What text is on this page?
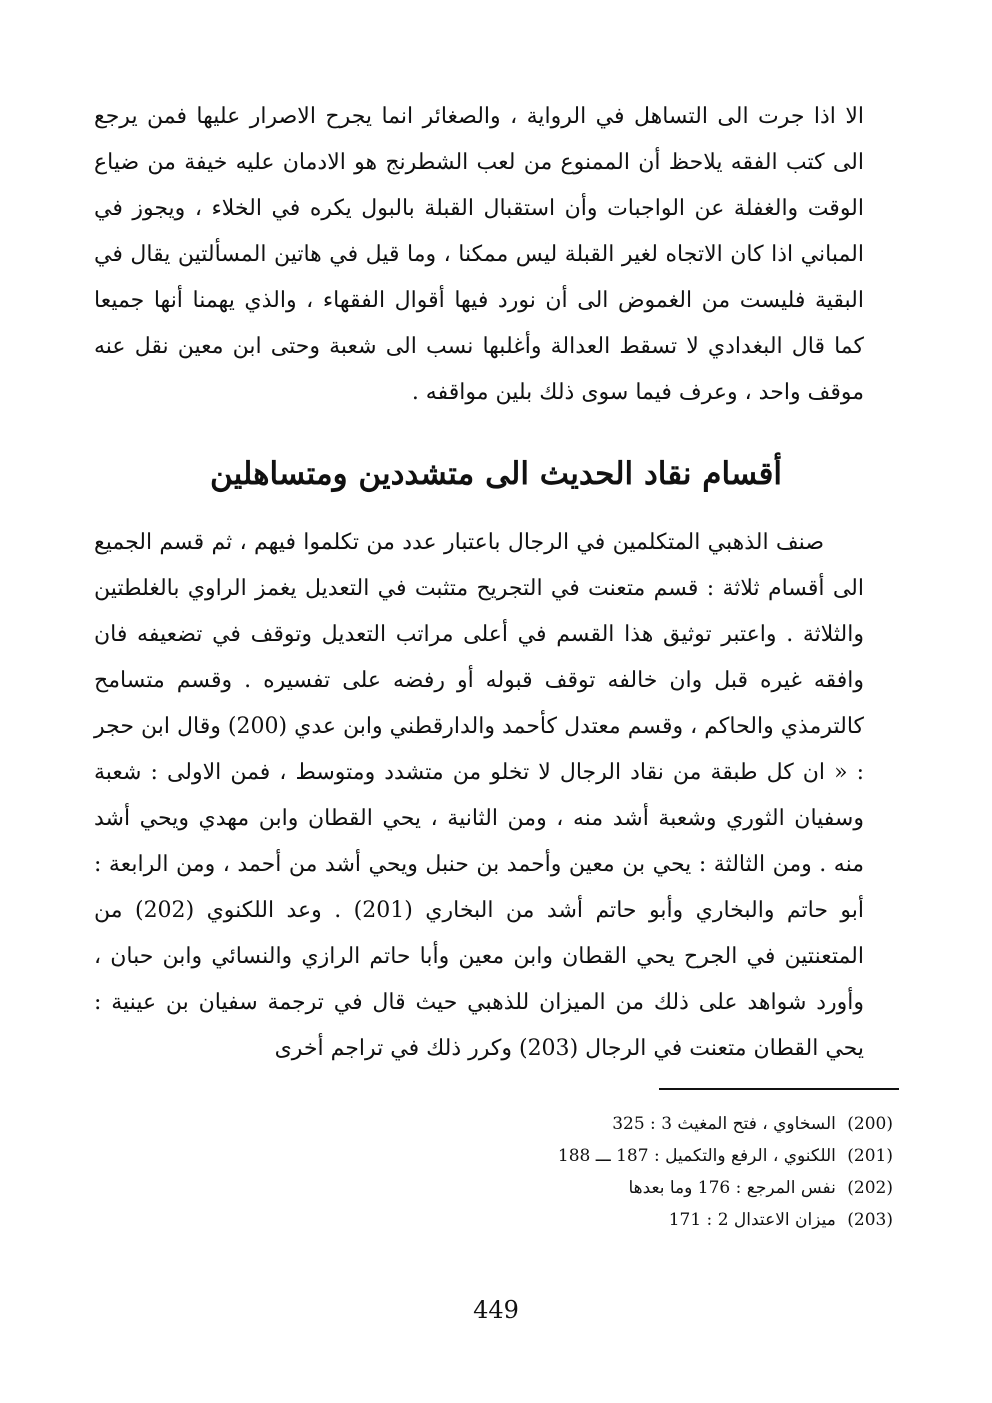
الا اذا جرت الى التساهل في الرواية ، والصغائر انما يجرح الاصرار عليها فمن يرجع الى كتب الفقه يلاحظ أن الممنوع من لعب الشطرنج هو الادمان عليه خيفة من ضياع الوقت والغفلة عن الواجبات وأن استقبال القبلة بالبول يكره في الخلاء ، ويجوز في المباني اذا كان الاتجاه لغير القبلة ليس ممكنا ، وما قيل في هاتين المسألتين يقال في البقية فليست من الغموض الى أن نورد فيها أقوال الفقهاء ، والذي يهمنا أنها جميعا كما قال البغدادي لا تسقط العدالة وأغلبها نسب الى شعبة وحتى ابن معين نقل عنه موقف واحد ، وعرف فيما سوى ذلك بلين مواقفه .

أقسام نقاد الحديث الى متشددين ومتساهلين

صنف الذهبي المتكلمين في الرجال باعتبار عدد من تكلموا فيهم ، ثم قسم الجميع الى أقسام ثلاثة : قسم متعنت في التجريح متثبت في التعديل يغمز الراوي بالغلطتين والثلاثة . واعتبر توثيق هذا القسم في أعلى مراتب التعديل وتوقف في تضعيفه فان وافقه غيره قبل وان خالفه توقف قبوله أو رفضه على تفسيره . وقسم متسامح كالترمذي والحاكم ، وقسم معتدل كأحمد والدارقطني وابن عدي (200) وقال ابن حجر : « ان كل طبقة من نقاد الرجال لا تخلو من متشدد ومتوسط ، فمن الاولى : شعبة وسفيان الثوري وشعبة أشد منه ، ومن الثانية ، يحي القطان وابن مهدي ويحي أشد منه . ومن الثالثة : يحي بن معين وأحمد بن حنبل ويحي أشد من أحمد ، ومن الرابعة : أبو حاتم والبخاري وأبو حاتم أشد من البخاري (201) . وعد اللكنوي (202) من المتعنتين في الجرح يحي القطان وابن معين وأبا حاتم الرازي والنسائي وابن حبان ، وأورد شواهد على ذلك من الميزان للذهبي حيث قال في ترجمة سفيان بن عينية : يحي القطان متعنت في الرجال (203) وكرر ذلك في تراجم أخرى

(200) السخاوي ، فتح المغيث 3 : 325
(201) اللكنوي ، الرفع والتكميل : 187 ـــ 188
(202) نفس المرجع : 176 وما بعدها
(203) ميزان الاعتدال 2 : 171
449
